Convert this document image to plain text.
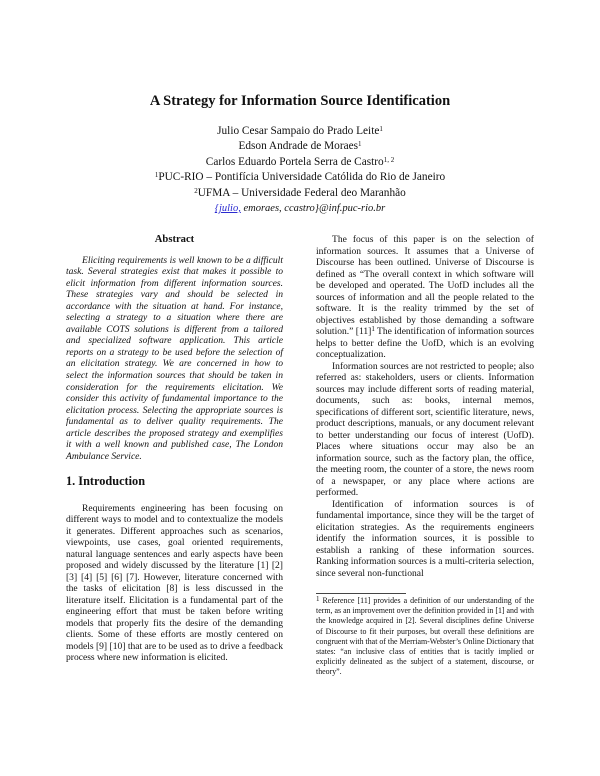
A Strategy for Information Source Identification
Julio Cesar Sampaio do Prado Leite$^1$
Edson Andrade de Moraes$^1$
Carlos Eduardo Portela Serra de Castro$^{1, 2}$
$^1$PUC-RIO – Pontifícia Universidade Católida do Rio de Janeiro
$^2$UFMA – Universidade Federal deo Maranhão
{julio, emoraes, ccastro}@inf.puc-rio.br
Abstract

Eliciting requirements is well known to be a difficult task. Several strategies exist that makes it possible to elicit information from different information sources. These strategies vary and should be selected in accordance with the situation at hand. For instance, selecting a strategy to a situation where there are available COTS solutions is different from a tailored and specialized software application. This article reports on a strategy to be used before the selection of an elicitation strategy. We are concerned in how to select the information sources that should be taken in consideration for the requirements elicitation. We consider this activity of fundamental importance to the elicitation process. Selecting the appropriate sources is fundamental as to deliver quality requirements. The article describes the proposed strategy and exemplifies it with a well known and published case, The London Ambulance Service.

1. Introduction

Requirements engineering has been focusing on different ways to model and to contextualize the models it generates. Different approaches such as scenarios, viewpoints, use cases, goal oriented requirements, natural language sentences and early aspects have been proposed and widely discussed by the literature [1] [2] [3] [4] [5] [6] [7]. However, literature concerned with the tasks of elicitation [8] is less discussed in the literature itself. Elicitation is a fundamental part of the engineering effort that must be taken before writing models that properly fits the desire of the demanding clients. Some of these efforts are mostly centered on models [9] [10] that are to be used as to drive a feedback process where new information is elicited.

The focus of this paper is on the selection of information sources. It assumes that a Universe of Discourse has been outlined. Universe of Discourse is defined as “The overall context in which software will be developed and operated. The UofD includes all the sources of information and all the people related to the software. It is the reality trimmed by the set of objectives established by those demanding a software solution.” $[11]^1$ The identification of information sources helps to better define the UofD, which is an evolving conceptualization.

Information sources are not restricted to people; also referred as: stakeholders, users or clients. Information sources may include different sorts of reading material, documents, such as: books, internal memos, specifications of different sort, scientific literature, news, product descriptions, manuals, or any document relevant to better understanding our focus of interest (UofD). Places where situations occur may also be an information source, such as the factory plan, the office, the meeting room, the counter of a store, the news room of a newspaper, or any place where actions are performed.

Identification of information sources is of fundamental importance, since they will be the target of elicitation strategies. As the requirements engineers identify the information sources, it is possible to establish a ranking of these information sources. Ranking information sources is a multi-criteria selection, since several non-functional

$^1$ Reference [11] provides a definition of our understanding of the term, as an improvement over the definition provided in [1] and with the knowledge acquired in [2]. Several disciplines define Universe of Discourse to fit their purposes, but overall these definitions are congruent with that of the Merriam-Webster’s Online Dictionary that states: “an inclusive class of entities that is tacitly implied or explicitly delineated as the subject of a statement, discourse, or theory”.
